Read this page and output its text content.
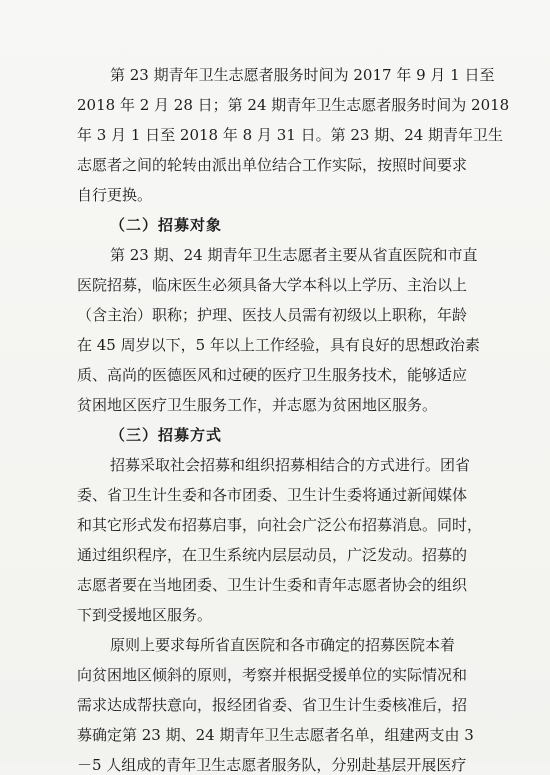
第 23 期青年卫生志愿者服务时间为 2017 年 9 月 1 日至
2018 年 2 月 28 日；第 24 期青年卫生志愿者服务时间为 2018
年 3 月 1 日至 2018 年 8 月 31 日。第 23 期、24 期青年卫生
志愿者之间的轮转由派出单位结合工作实际，按照时间要求
自行更换。
（二）招募对象
第 23 期、24 期青年卫生志愿者主要从省直医院和市直
医院招募，临床医生必须具备大学本科以上学历、主治以上
（含主治）职称；护理、医技人员需有初级以上职称，年龄
在 45 周岁以下，5 年以上工作经验，具有良好的思想政治素
质、高尚的医德医风和过硬的医疗卫生服务技术，能够适应
贫困地区医疗卫生服务工作，并志愿为贫困地区服务。
（三）招募方式
招募采取社会招募和组织招募相结合的方式进行。团省
委、省卫生计生委和各市团委、卫生计生委将通过新闻媒体
和其它形式发布招募启事，向社会广泛公布招募消息。同时，
通过组织程序，在卫生系统内层层动员，广泛发动。招募的
志愿者要在当地团委、卫生计生委和青年志愿者协会的组织
下到受援地区服务。
原则上要求每所省直医院和各市确定的招募医院本着
向贫困地区倾斜的原则，考察并根据受援单位的实际情况和
需求达成帮扶意向，报经团省委、省卫生计生委核准后，招
募确定第 23 期、24 期青年卫生志愿者名单，组建两支由 3
－5 人组成的青年卫生志愿者服务队，分别赴基层开展医疗
